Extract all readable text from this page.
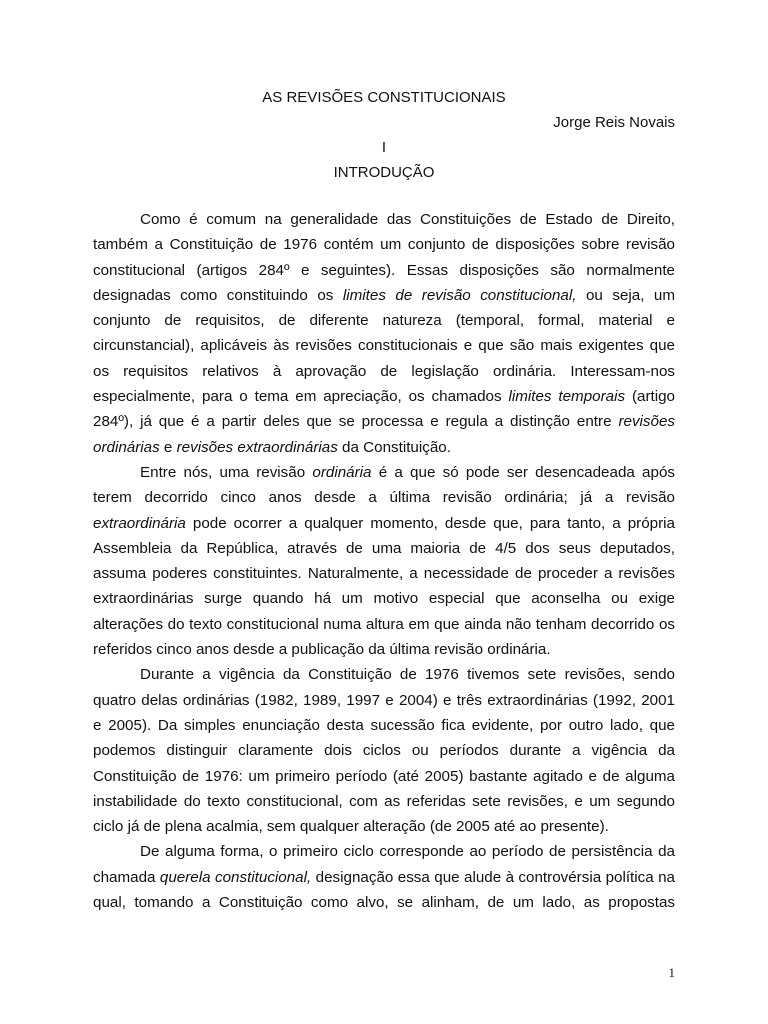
AS REVISÕES CONSTITUCIONAIS
Jorge Reis Novais
I
INTRODUÇÃO

Como é comum na generalidade das Constituições de Estado de Direito, também a Constituição de 1976 contém um conjunto de disposições sobre revisão constitucional (artigos 284º e seguintes). Essas disposições são normalmente designadas como constituindo os limites de revisão constitucional, ou seja, um conjunto de requisitos, de diferente natureza (temporal, formal, material e circunstancial), aplicáveis às revisões constitucionais e que são mais exigentes que os requisitos relativos à aprovação de legislação ordinária. Interessam-nos especialmente, para o tema em apreciação, os chamados limites temporais (artigo 284º), já que é a partir deles que se processa e regula a distinção entre revisões ordinárias e revisões extraordinárias da Constituição.

Entre nós, uma revisão ordinária é a que só pode ser desencadeada após terem decorrido cinco anos desde a última revisão ordinária; já a revisão extraordinária pode ocorrer a qualquer momento, desde que, para tanto, a própria Assembleia da República, através de uma maioria de 4/5 dos seus deputados, assuma poderes constituintes. Naturalmente, a necessidade de proceder a revisões extraordinárias surge quando há um motivo especial que aconselha ou exige alterações do texto constitucional numa altura em que ainda não tenham decorrido os referidos cinco anos desde a publicação da última revisão ordinária.

Durante a vigência da Constituição de 1976 tivemos sete revisões, sendo quatro delas ordinárias (1982, 1989, 1997 e 2004) e três extraordinárias (1992, 2001 e 2005). Da simples enunciação desta sucessão fica evidente, por outro lado, que podemos distinguir claramente dois ciclos ou períodos durante a vigência da Constituição de 1976: um primeiro período (até 2005) bastante agitado e de alguma instabilidade do texto constitucional, com as referidas sete revisões, e um segundo ciclo já de plena acalmia, sem qualquer alteração (de 2005 até ao presente).

De alguma forma, o primeiro ciclo corresponde ao período de persistência da chamada querela constitucional, designação essa que alude à controvérsia política na qual, tomando a Constituição como alvo, se alinham, de um lado, as propostas

1
